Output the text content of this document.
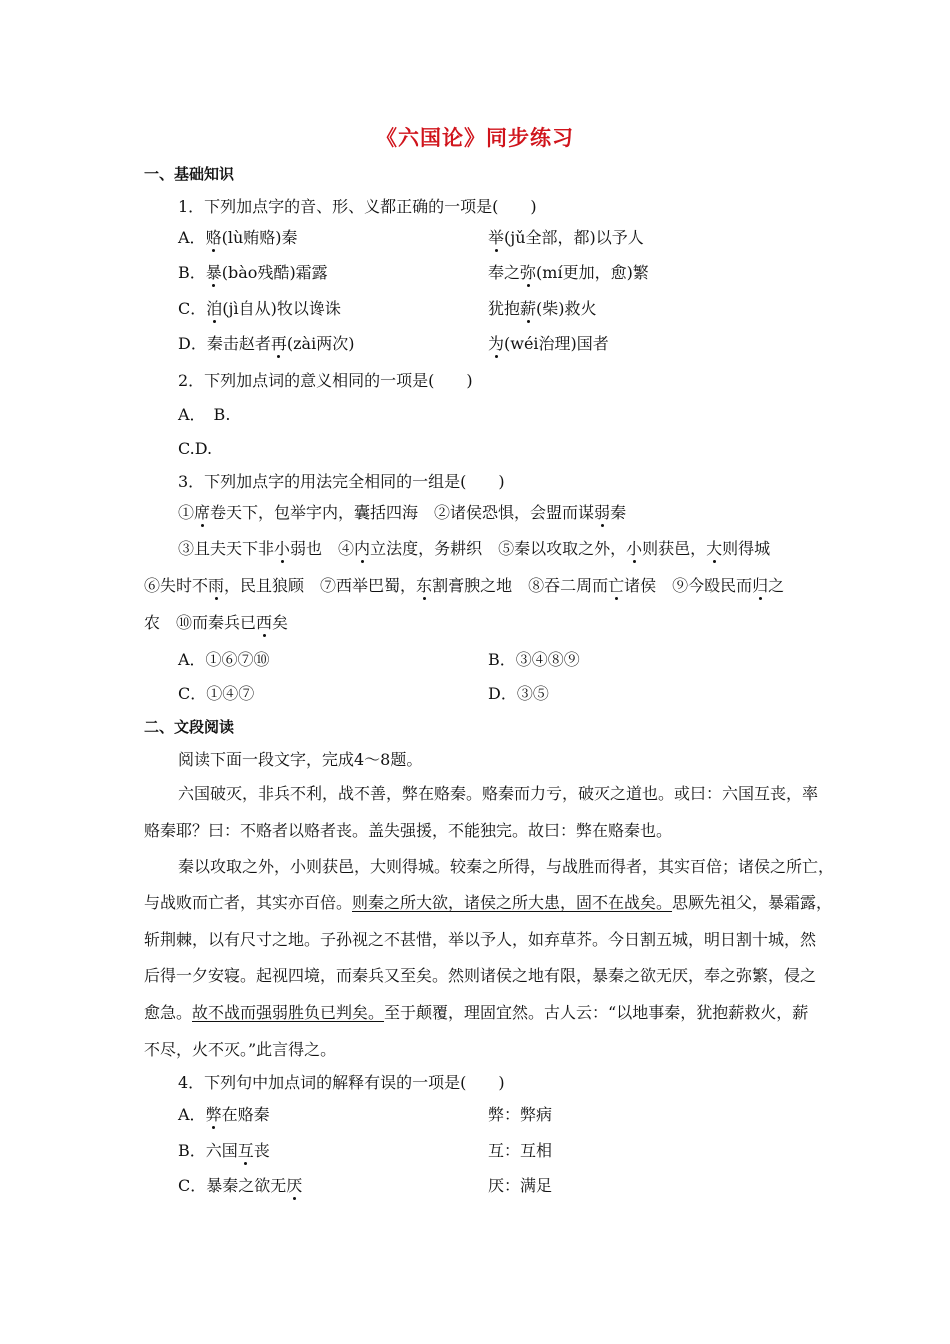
《六国论》同步练习
一、基础知识
1．下列加点字的音、形、义都正确的一项是(　　)
A．赂(lù贿赂)秦	举(jǔ全部，都)以予人
B．暴(bào残酷)霜露	奉之弥(mí更加，愈)繁
C．洎(jì自从)牧以谗诛	犹抱薪(柴)救火
D．秦击赵者再(zài两次)	为(wéi治理)国者
2．下列加点词的意义相同的一项是(　　)
A．　B.
C.D.
3．下列加点字的用法完全相同的一组是(　　)
①席卷天下，包举宇内，囊括四海　②诸侯恐惧，会盟而谋弱秦
③且夫天下非小弱也　④内立法度，务耕织　⑤秦以攻取之外，小则获邑，大则得城
⑥失时不雨，民且狼顾　⑦西举巴蜀，东割膏腴之地　⑧吞二周而亡诸侯　⑨今殴民而归之
农　⑩而秦兵已西矣
A．①⑥⑦⑩	B．③④⑧⑨
C．①④⑦	D．③⑤
二、文段阅读
阅读下面一段文字，完成4～8题。
六国破灭，非兵不利，战不善，弊在赂秦。赂秦而力亏，破灭之道也。或曰：六国互丧，率
赂秦耶？曰：不赂者以赂者丧。盖失强援，不能独完。故曰：弊在赂秦也。
秦以攻取之外，小则获邑，大则得城。较秦之所得，与战胜而得者，其实百倍；诸侯之所亡，
与战败而亡者，其实亦百倍。则秦之所大欲，诸侯之所大患，固不在战矣。思厥先祖父，暴霜露，
斩荆棘，以有尺寸之地。子孙视之不甚惜，举以予人，如弃草芥。今日割五城，明日割十城，然
后得一夕安寝。起视四境，而秦兵又至矣。然则诸侯之地有限，暴秦之欲无厌，奉之弥繁，侵之
愈急。故不战而强弱胜负已判矣。至于颠覆，理固宜然。古人云：“以地事秦，犹抱薪救火，薪
不尽，火不灭。”此言得之。
4．下列句中加点词的解释有误的一项是(　　)
A．弊在赂秦	弊：弊病
B．六国互丧	互：互相
C．暴秦之欲无厌	厌：满足
